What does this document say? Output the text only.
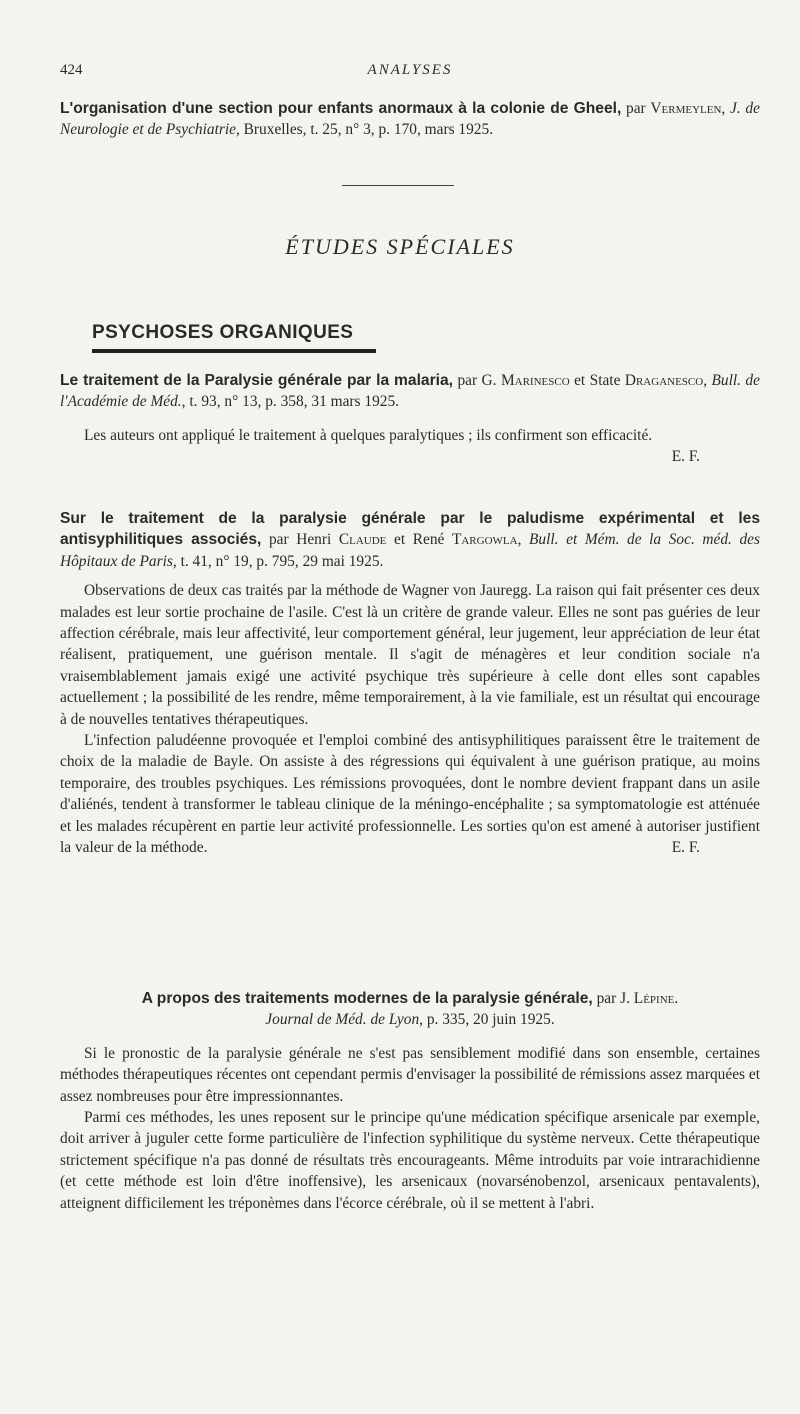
424	ANALYSES

L'organisation d'une section pour enfants anormaux à la colonie de Gheel, par Vermeylen, J. de Neurologie et de Psychiatrie, Bruxelles, t. 25, n° 3, p. 170, mars 1925.

ÉTUDES SPÉCIALES
PSYCHOSES ORGANIQUES

Le traitement de la Paralysie générale par la malaria, par G. Marinesco et State Draganesco, Bull. de l'Académie de Méd., t. 93, n° 13, p. 358, 31 mars 1925.

Les auteurs ont appliqué le traitement à quelques paralytiques ; ils confirment son efficacité.
E. F.

Sur le traitement de la paralysie générale par le paludisme expérimental et les antisyphilitiques associés, par Henri Claude et René Targowla, Bull. et Mém. de la Soc. méd. des Hôpitaux de Paris, t. 41, n° 19, p. 795, 29 mai 1925.

Observations de deux cas traités par la méthode de Wagner von Jauregg. La raison qui fait présenter ces deux malades est leur sortie prochaine de l'asile. C'est là un critère de grande valeur. Elles ne sont pas guéries de leur affection cérébrale, mais leur affectivité, leur comportement général, leur jugement, leur appréciation de leur état réalisent, pratiquement, une guérison mentale. Il s'agit de ménagères et leur condition sociale n'a vraisemblablement jamais exigé une activité psychique très supérieure à celle dont elles sont capables actuellement ; la possibilité de les rendre, même temporairement, à la vie familiale, est un résultat qui encourage à de nouvelles tentatives thérapeutiques.

L'infection paludéenne provoquée et l'emploi combiné des antisyphilitiques paraissent être le traitement de choix de la maladie de Bayle. On assiste à des régressions qui équivalent à une guérison pratique, au moins temporaire, des troubles psychiques. Les rémissions provoquées, dont le nombre devient frappant dans un asile d'aliénés, tendent à transformer le tableau clinique de la méningo-encéphalite ; sa symptomatologie est atténuée et les malades récupèrent en partie leur activité professionnelle. Les sorties qu'on est amené à autoriser justifient la valeur de la méthode.	E. F.

A propos des traitements modernes de la paralysie générale, par J. Lépine.
Journal de Méd. de Lyon, p. 335, 20 juin 1925.

Si le pronostic de la paralysie générale ne s'est pas sensiblement modifié dans son ensemble, certaines méthodes thérapeutiques récentes ont cependant permis d'envisager la possibilité de rémissions assez marquées et assez nombreuses pour être impressionnantes.

Parmi ces méthodes, les unes reposent sur le principe qu'une médication spécifique arsenicale par exemple, doit arriver à juguler cette forme particulière de l'infection syphilitique du système nerveux. Cette thérapeutique strictement spécifique n'a pas donné de résultats très encourageants. Même introduits par voie intrarachidienne (et cette méthode est loin d'être inoffensive), les arsenicaux (novarsénobenzol, arsenicaux pentavalents), atteignent difficilement les tréponèmes dans l'écorce cérébrale, où il se mettent à l'abri.
